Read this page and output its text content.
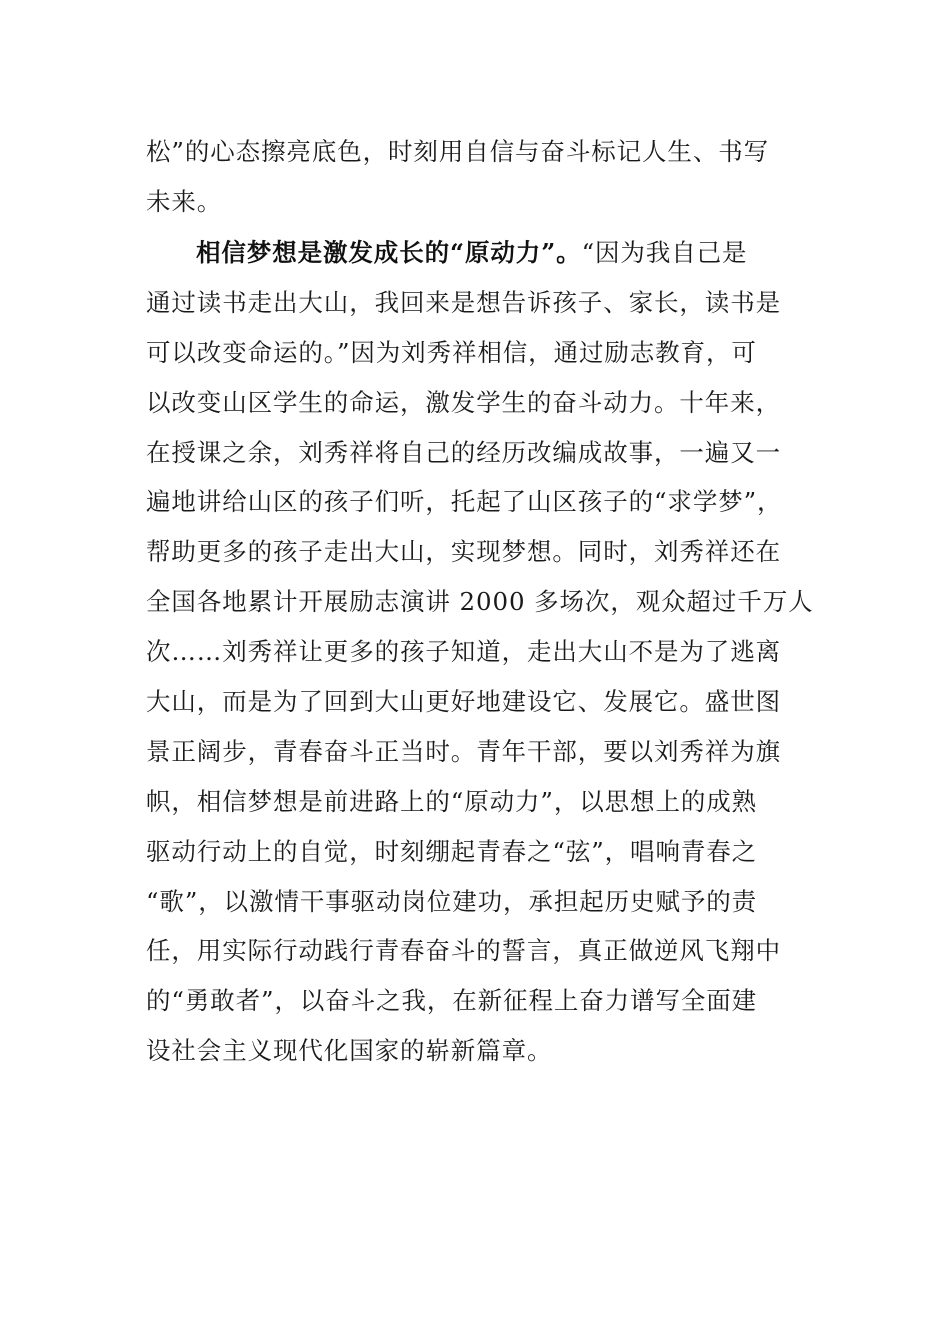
松”的心态擦亮底色，时刻用自信与奋斗标记人生、书写
未来。
相信梦想是激发成长的“原动力”。“因为我自己是
通过读书走出大山，我回来是想告诉孩子、家长，读书是
可以改变命运的。”因为刘秀祥相信，通过励志教育，可
以改变山区学生的命运，激发学生的奋斗动力。十年来，
在授课之余，刘秀祥将自己的经历改编成故事，一遍又一
遍地讲给山区的孩子们听，托起了山区孩子的“求学梦”，
帮助更多的孩子走出大山，实现梦想。同时，刘秀祥还在
全国各地累计开展励志演讲 2000 多场次，观众超过千万人
次……刘秀祥让更多的孩子知道，走出大山不是为了逃离
大山，而是为了回到大山更好地建设它、发展它。盛世图
景正阔步，青春奋斗正当时。青年干部，要以刘秀祥为旗
帜，相信梦想是前进路上的“原动力”，以思想上的成熟
驱动行动上的自觉，时刻绷起青春之“弦”，唱响青春之
“歌”，以激情干事驱动岗位建功，承担起历史赋予的责
任，用实际行动践行青春奋斗的誓言，真正做逆风飞翔中
的“勇敢者”，以奋斗之我，在新征程上奋力谱写全面建
设社会主义现代化国家的崭新篇章。
